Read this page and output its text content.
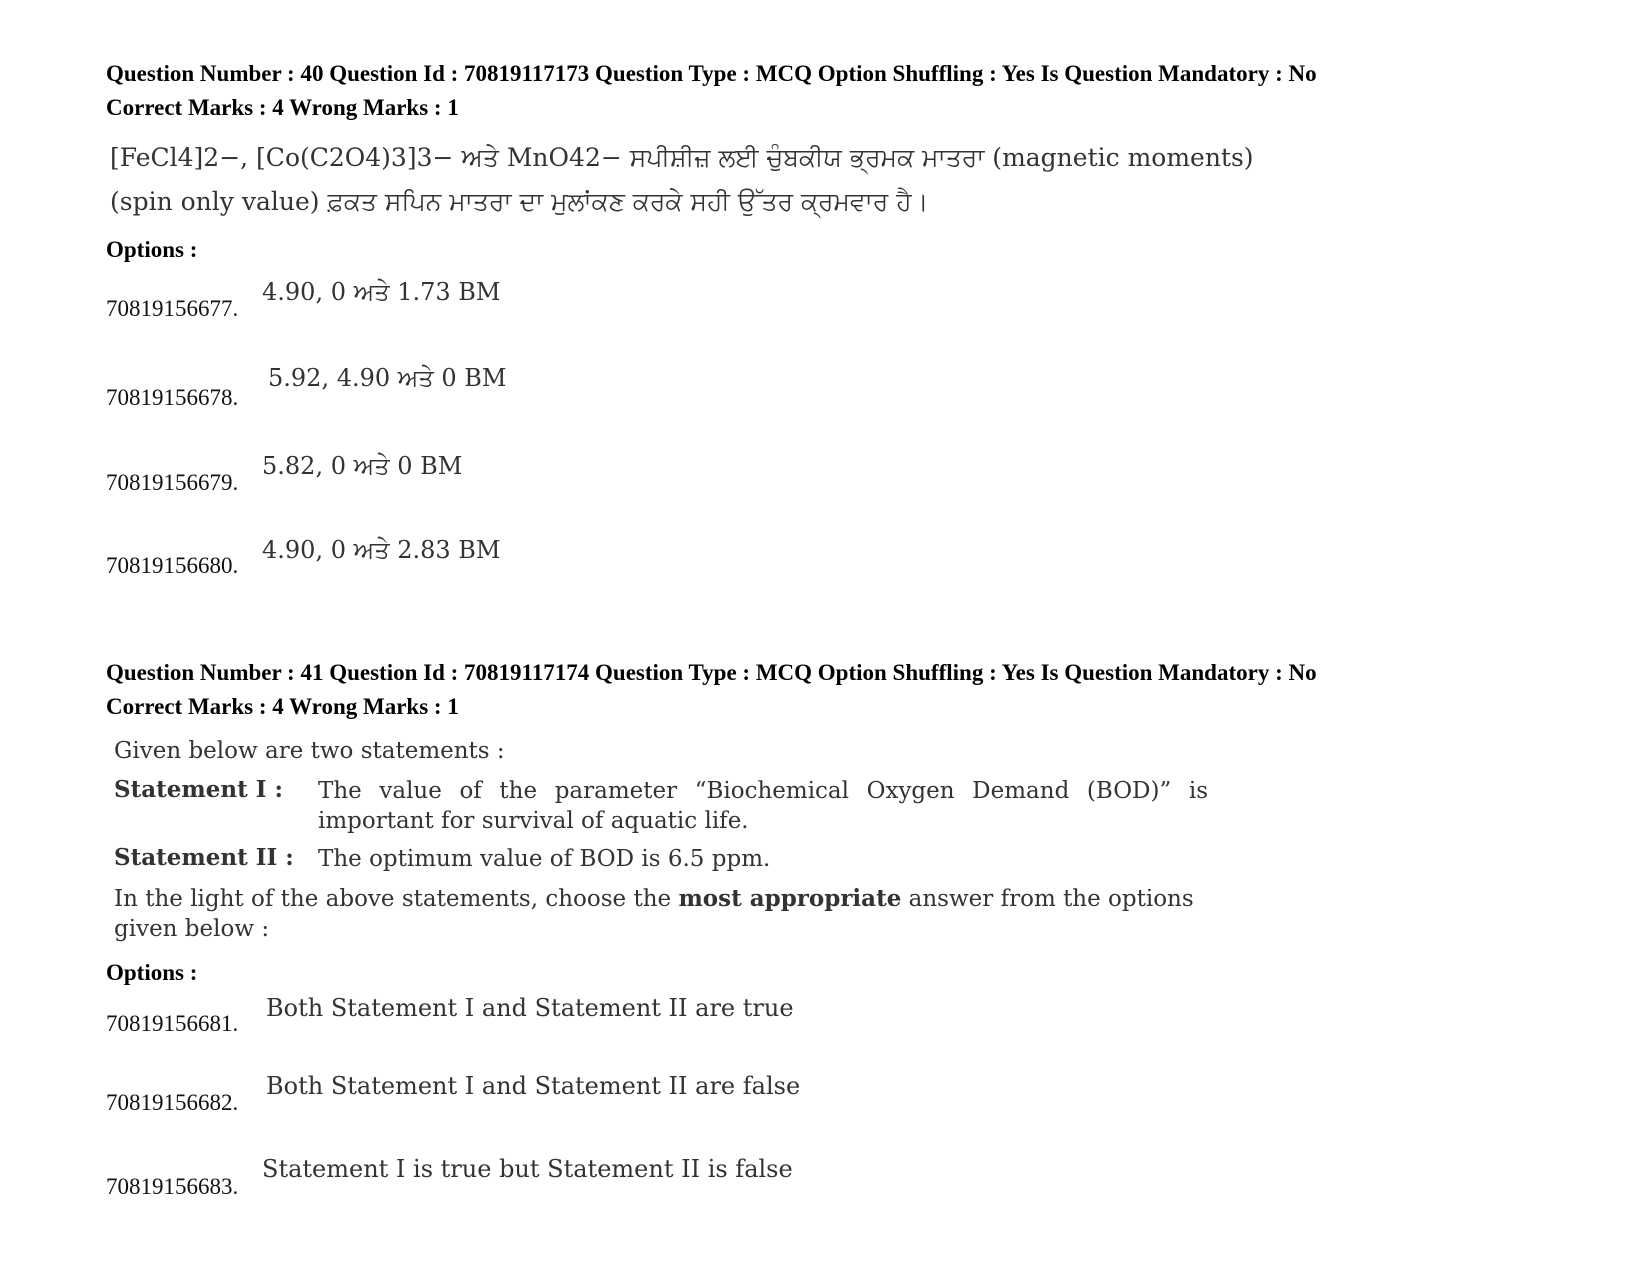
Question Number : 40 Question Id : 70819117173 Question Type : MCQ Option Shuffling : Yes Is Question Mandatory : No
Correct Marks : 4 Wrong Marks : 1
[FeCl4]2−, [Co(C2O4)3]3− ਅਤੇ MnO42− ਸਪੀਸ਼ੀਜ਼ ਲਈ ਚੁੰਬਕੀਯ ਭ੍ਰਮਕ ਮਾਤਰਾ (magnetic moments)
(spin only value) ਫ਼ਕਤ ਸਪਿਨ ਮਾਤਰਾ ਦਾ ਮੁਲਾਂਕਣ ਕਰਕੇ ਸਹੀ ਉੱਤਰ ਕ੍ਰਮਵਾਰ ਹੈ।
Options :
70819156677.
4.90, 0 ਅਤੇ 1.73 BM
70819156678.
5.92, 4.90 ਅਤੇ 0 BM
70819156679.
5.82, 0 ਅਤੇ 0 BM
70819156680.
4.90, 0 ਅਤੇ 2.83 BM
Question Number : 41 Question Id : 70819117174 Question Type : MCQ Option Shuffling : Yes Is Question Mandatory : No
Correct Marks : 4 Wrong Marks : 1
Given below are two statements :
Statement I : The value of the parameter “Biochemical Oxygen Demand (BOD)” is important for survival of aquatic life.
Statement II : The optimum value of BOD is 6.5 ppm.
In the light of the above statements, choose the most appropriate answer from the options given below :
Options :
70819156681.
Both Statement I and Statement II are true
70819156682.
Both Statement I and Statement II are false
70819156683.
Statement I is true but Statement II is false
